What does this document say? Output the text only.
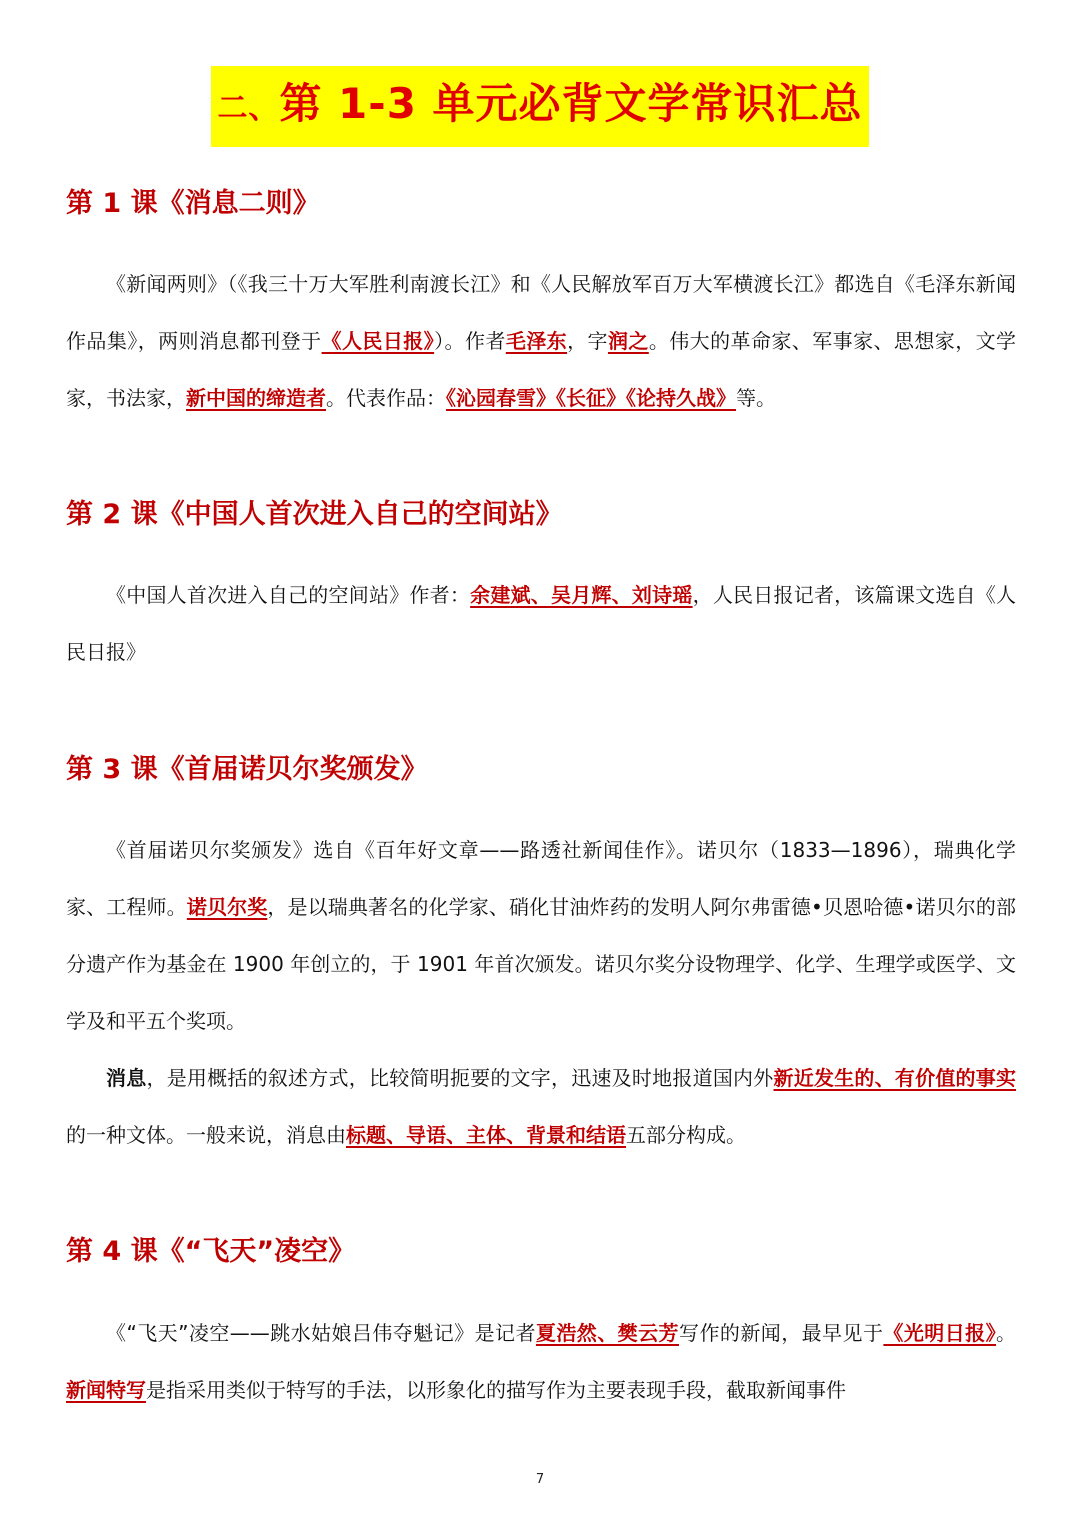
二、第 1-3 单元必背文学常识汇总
第 1 课《消息二则》

《新闻两则》（《我三十万大军胜利南渡长江》和《人民解放军百万大军横渡长江》都选自《毛泽东新闻作品集》，两则消息都刊登于《人民日报》）。作者毛泽东，字润之。伟大的革命家、军事家、思想家，文学家，书法家，新中国的缔造者。代表作品：《沁园春雪》《长征》《论持久战》等。

第 2 课《中国人首次进入自己的空间站》

《中国人首次进入自己的空间站》作者：余建斌、吴月辉、刘诗瑶，人民日报记者，该篇课文选自《人民日报》

第 3 课《首届诺贝尔奖颁发》

《首届诺贝尔奖颁发》选自《百年好文章——路透社新闻佳作》。诺贝尔（1833—1896），瑞典化学家、工程师。诺贝尔奖，是以瑞典著名的化学家、硝化甘油炸药的发明人阿尔弗雷德•贝恩哈德•诺贝尔的部分遗产作为基金在 1900 年创立的，于 1901 年首次颁发。诺贝尔奖分设物理学、化学、生理学或医学、文学及和平五个奖项。

消息，是用概括的叙述方式，比较简明扼要的文字，迅速及时地报道国内外新近发生的、有价值的事实的一种文体。一般来说，消息由标题、导语、主体、背景和结语五部分构成。

第 4 课《“飞天”凌空》

《“飞天”凌空——跳水姑娘吕伟夺魁记》是记者夏浩然、樊云芳写作的新闻，最早见于《光明日报》。新闻特写是指采用类似于特写的手法，以形象化的描写作为主要表现手段，截取新闻事件

7
